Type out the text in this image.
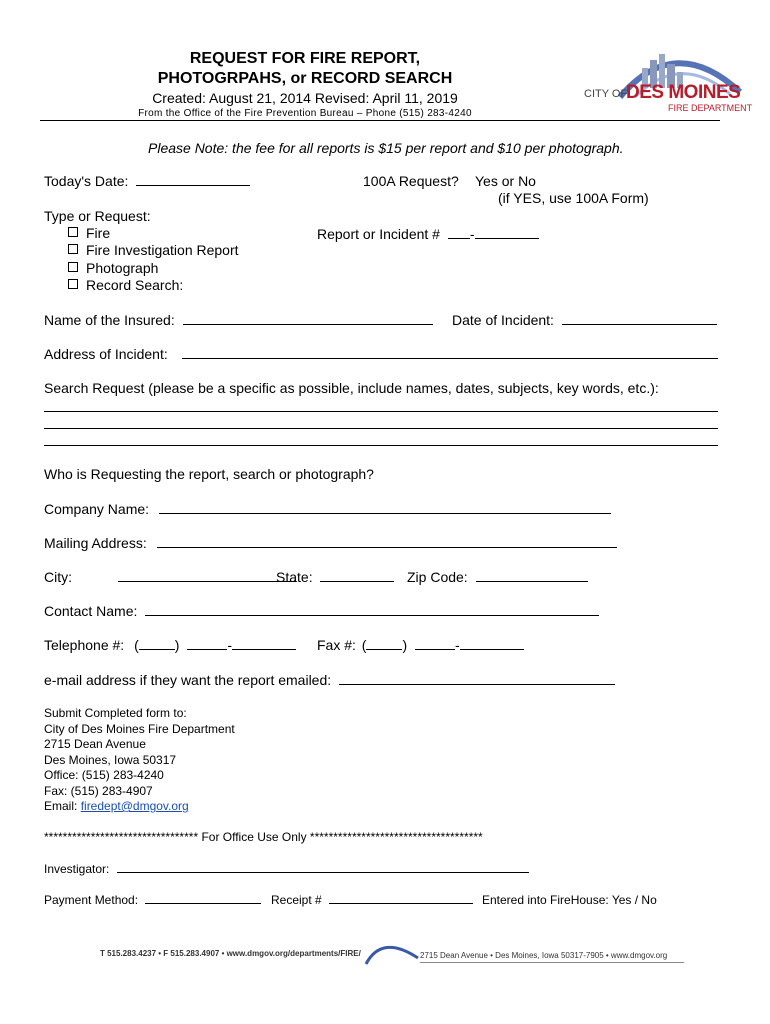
REQUEST FOR FIRE REPORT,
PHOTOGRPAHS, or RECORD SEARCH
Created: August 21, 2014 Revised: April 11, 2019
From the Office of the Fire Prevention Bureau – Phone (515) 283-4240
CITY OF
DES MOINES
FIRE DEPARTMENT
Please Note: the fee for all reports is $15 per report and $10 per photograph.
Today's Date:	100A Request? Yes or No
(if YES, use 100A Form)
Type or Request:
Fire
Fire Investigation Report
Photograph
Record Search:
Report or Incident # -
Name of the Insured:	Date of Incident:
Address of Incident:
Search Request (please be a specific as possible, include names, dates, subjects, key words, etc.):
Who is Requesting the report, search or photograph?
Company Name:
Mailing Address:
City:	State:	Zip Code:
Contact Name:
Telephone #: (	)	-	Fax #: (	)	-
e-mail address if they want the report emailed:
Submit Completed form to:
City of Des Moines Fire Department
2715 Dean Avenue
Des Moines, Iowa 50317
Office: (515) 283-4240
Fax: (515) 283-4907
Email: firedept@dmgov.org
********************************* For Office Use Only *************************************
Investigator:
Payment Method:	Receipt #	Entered into FireHouse: Yes / No
T 515.283.4237 • F 515.283.4907 • www.dmgov.org/departments/FIRE/	2715 Dean Avenue • Des Moines, Iowa 50317-7905 • www.dmgov.org
